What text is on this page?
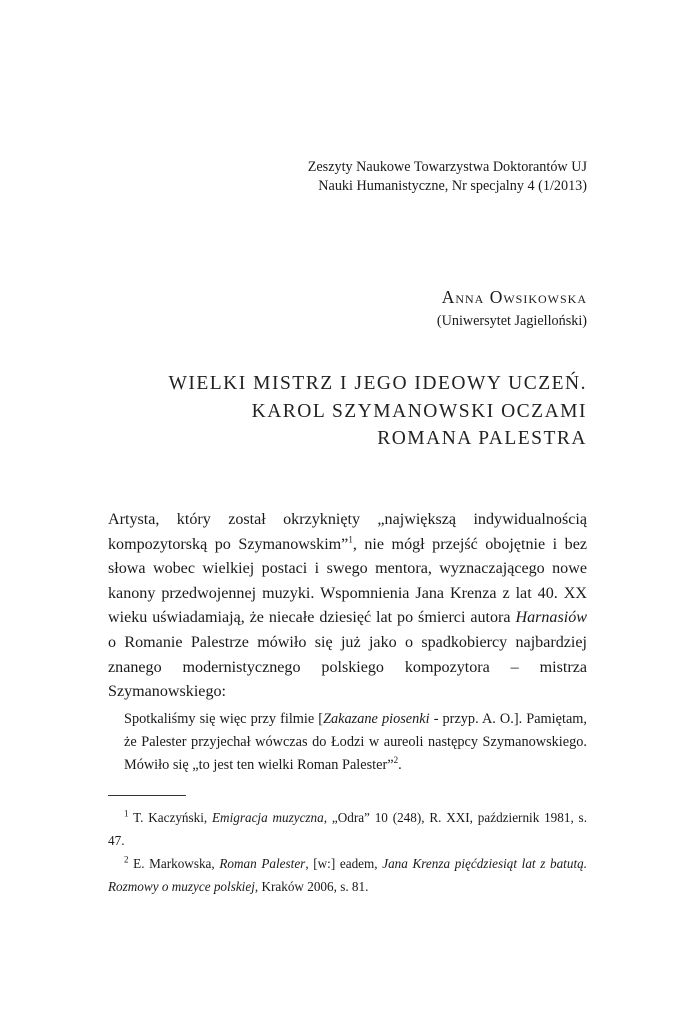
Zeszyty Naukowe Towarzystwa Doktorantów UJ
Nauki Humanistyczne, Nr specjalny 4 (1/2013)
Anna Owsikowska
(Uniwersytet Jagielloński)
WIELKI MISTRZ I JEGO IDEOWY UCZEŃ.
KAROL SZYMANOWSKI OCZAMI
ROMANA PALESTRA

Artysta, który został okrzyknięty „największą indywidualnością kompozytorską po Szymanowskim”$^1$, nie mógł przejść obojętnie i bez słowa wobec wielkiej postaci i swego mentora, wyznaczającego nowe kanony przedwojennej muzyki. Wspomnienia Jana Krenza z lat 40. XX wieku uświadamiają, że niecałe dziesięć lat po śmierci autora Harnasiów o Romanie Palestrze mówiło się już jako o spadkobiercy najbardziej znanego modernistycznego polskiego kompozytora – mistrza Szymanowskiego:

Spotkaliśmy się więc przy filmie [Zakazane piosenki - przyp. A. O.]. Pamiętam, że Palester przyjechał wówczas do Łodzi w aureoli następcy Szymanowskiego. Mówiło się „to jest ten wielki Roman Palester”$^2$.

$^1$ T. Kaczyński, Emigracja muzyczna, „Odra” 10 (248), R. XXI, październik 1981, s. 47.

$^2$ E. Markowska, Roman Palester, [w:] eadem, Jana Krenza pięćdziesiąt lat z batutą. Rozmowy o muzyce polskiej, Kraków 2006, s. 81.
